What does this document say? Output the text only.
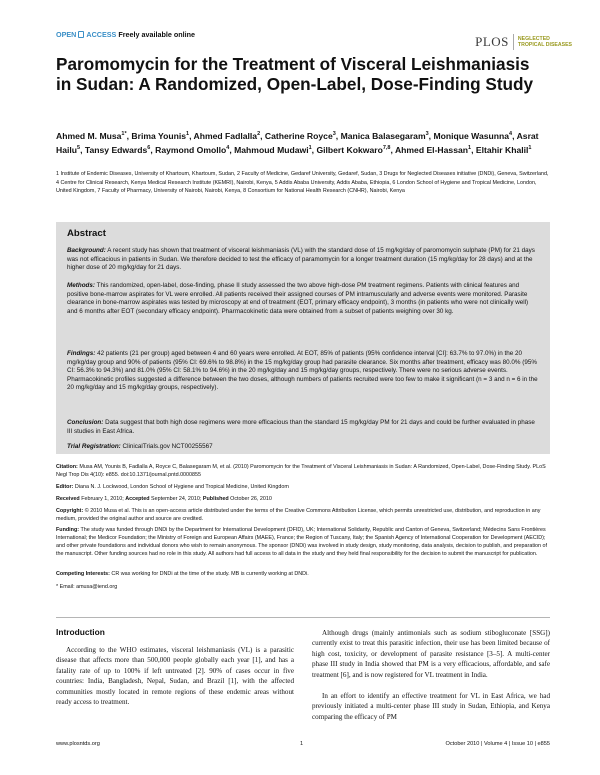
OPEN ACCESS Freely available online	PLOS NEGLECTED
TROPICAL DISEASES
Paromomycin for the Treatment of Visceral Leishmaniasis in Sudan: A Randomized, Open-Label, Dose-Finding Study
Ahmed M. Musa$^{1*}$, Brima Younis$^1$, Ahmed Fadlalla$^2$, Catherine Royce$^3$, Manica Balasegaram$^3$, Monique Wasunna$^4$, Asrat Hailu$^5$, Tansy Edwards$^6$, Raymond Omollo$^4$, Mahmoud Mudawi$^1$, Gilbert Kokwaro$^{7,8}$, Ahmed El-Hassan$^1$, Eltahir Khalil$^1$
1 Institute of Endemic Diseases, University of Khartoum, Khartoum, Sudan, 2 Faculty of Medicine, Gedaref University, Gedaref, Sudan, 3 Drugs for Neglected Diseases initiative (DNDi), Geneva, Switzerland, 4 Centre for Clinical Research, Kenya Medical Research Institute (KEMRI), Nairobi, Kenya, 5 Addis Ababa University, Addis Ababa, Ethiopia, 6 London School of Hygiene and Tropical Medicine, London, United Kingdom, 7 Faculty of Pharmacy, University of Nairobi, Nairobi, Kenya, 8 Consortium for National Health Research (CNHR), Nairobi, Kenya
Abstract
Background: A recent study has shown that treatment of visceral leishmaniasis (VL) with the standard dose of 15 mg/kg/day of paromomycin sulphate (PM) for 21 days was not efficacious in patients in Sudan. We therefore decided to test the efficacy of paramomycin for a longer treatment duration (15 mg/kg/day for 28 days) and at the higher dose of 20 mg/kg/day for 21 days.
Methods: This randomized, open-label, dose-finding, phase II study assessed the two above high-dose PM treatment regimens. Patients with clinical features and positive bone-marrow aspirates for VL were enrolled. All patients received their assigned courses of PM intramuscularly and adverse events were monitored. Parasite clearance in bone-marrow aspirates was tested by microscopy at end of treatment (EOT, primary efficacy endpoint), 3 months (in patients who were not clinically well) and 6 months after EOT (secondary efficacy endpoint). Pharmacokinetic data were obtained from a subset of patients weighing over 30 kg.
Findings: 42 patients (21 per group) aged between 4 and 60 years were enrolled. At EOT, 85% of patients (95% confidence interval [CI]: 63.7% to 97.0%) in the 20 mg/kg/day group and 90% of patients (95% CI: 69.6% to 98.8%) in the 15 mg/kg/day group had parasite clearance. Six months after treatment, efficacy was 80.0% (95% CI: 56.3% to 94.3%) and 81.0% (95% CI: 58.1% to 94.6%) in the 20 mg/kg/day and 15 mg/kg/day groups, respectively. There were no serious adverse events. Pharmacokinetic profiles suggested a difference between the two doses, although numbers of patients recruited were too few to make it significant (n = 3 and n = 6 in the 20 mg/kg/day and 15 mg/kg/day groups, respectively).
Conclusion: Data suggest that both high dose regimens were more efficacious than the standard 15 mg/kg/day PM for 21 days and could be further evaluated in phase III studies in East Africa.
Trial Registration: ClinicalTrials.gov NCT00255567
Citation: Musa AM, Younis B, Fadlalla A, Royce C, Balasegaram M, et al. (2010) Paromomycin for the Treatment of Visceral Leishmaniasis in Sudan: A Randomized, Open-Label, Dose-Finding Study. PLoS Negl Trop Dis 4(10): e855. doi:10.1371/journal.pntd.0000855
Editor: Diana N. J. Lockwood, London School of Hygiene and Tropical Medicine, United Kingdom
Received February 1, 2010; Accepted September 24, 2010; Published October 26, 2010
Copyright: © 2010 Musa et al. This is an open-access article distributed under the terms of the Creative Commons Attribution License, which permits unrestricted use, distribution, and reproduction in any medium, provided the original author and source are credited.
Funding: The study was funded through DNDi by the Department for International Development (DFID), UK; International Solidarity, Republic and Canton of Geneva, Switzerland; Médecins Sans Frontières International; the Medicor Foundation; the Ministry of Foreign and European Affairs (MAEE), France; the Region of Tuscany, Italy; the Spanish Agency of International Cooperation for Development (AECID); and other private foundations and individual donors who wish to remain anonymous. The sponsor (DNDi) was involved in study design, study monitoring, data analysis, decision to publish, and preparation of the manuscript. Other funding sources had no role in this study. All authors had full access to all data in the study and they held final responsibility for the decision to submit the manuscript for publication.
Competing Interests: CR was working for DNDi at the time of the study. MB is currently working at DNDi.
* Email: amusa@iend.org
Introduction
According to the WHO estimates, visceral leishmaniasis (VL) is a parasitic disease that affects more than 500,000 people globally each year [1], and has a fatality rate of up to 100% if left untreated [2]. 90% of cases occur in five countries: India, Bangladesh, Nepal, Sudan, and Brazil [1], with the affected communities mostly located in remote regions of these endemic areas without ready access to treatment.
Although drugs (mainly antimonials such as sodium stibogluconate [SSG]) currently exist to treat this parasitic infection, their use has been limited because of high cost, toxicity, or development of parasite resistance [3–5]. A multi-center phase III study in India showed that PM is a very efficacious, affordable, and safe treatment [6], and is now registered for VL treatment in India.
In an effort to identify an effective treatment for VL in East Africa, we had previously initiated a multi-center phase III study in Sudan, Ethiopia, and Kenya comparing the efficacy of PM
www.plosntds.org	1	October 2010 | Volume 4 | Issue 10 | e855
